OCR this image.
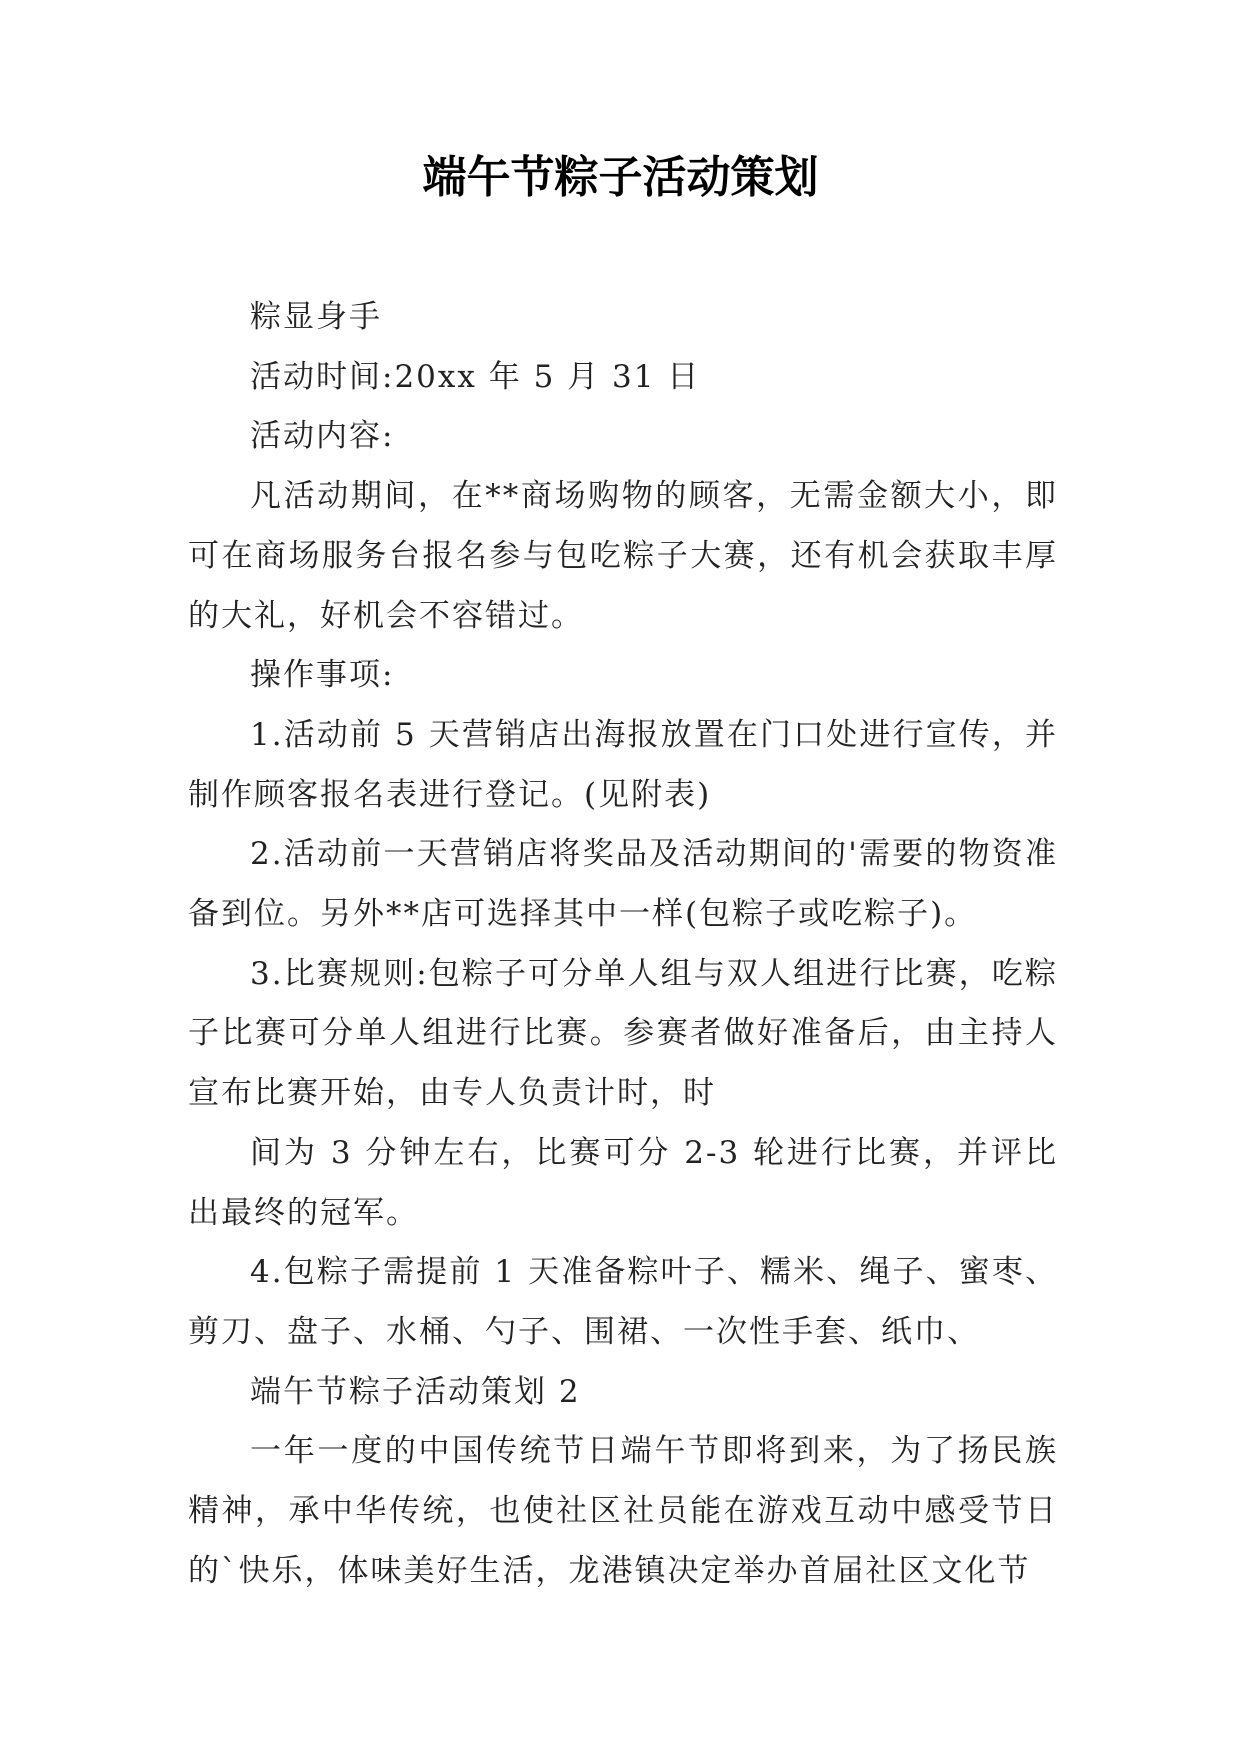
端午节粽子活动策划

粽显身手

活动时间:20xx 年 5 月 31 日

活动内容:

凡活动期间，在**商场购物的顾客，无需金额大小，即可在商场服务台报名参与包吃粽子大赛，还有机会获取丰厚的大礼，好机会不容错过。

操作事项:

1.活动前 5 天营销店出海报放置在门口处进行宣传，并制作顾客报名表进行登记。(见附表)

2.活动前一天营销店将奖品及活动期间的'需要的物资准备到位。另外**店可选择其中一样(包粽子或吃粽子)。

3.比赛规则:包粽子可分单人组与双人组进行比赛，吃粽子比赛可分单人组进行比赛。参赛者做好准备后，由主持人宣布比赛开始，由专人负责计时，时

间为 3 分钟左右，比赛可分 2-3 轮进行比赛，并评比出最终的冠军。

4.包粽子需提前 1 天准备粽叶子、糯米、绳子、蜜枣、剪刀、盘子、水桶、勺子、围裙、一次性手套、纸巾、

端午节粽子活动策划 2

一年一度的中国传统节日端午节即将到来，为了扬民族精神，承中华传统，也使社区社员能在游戏互动中感受节日的`快乐，体味美好生活，龙港镇决定举办首届社区文化节
